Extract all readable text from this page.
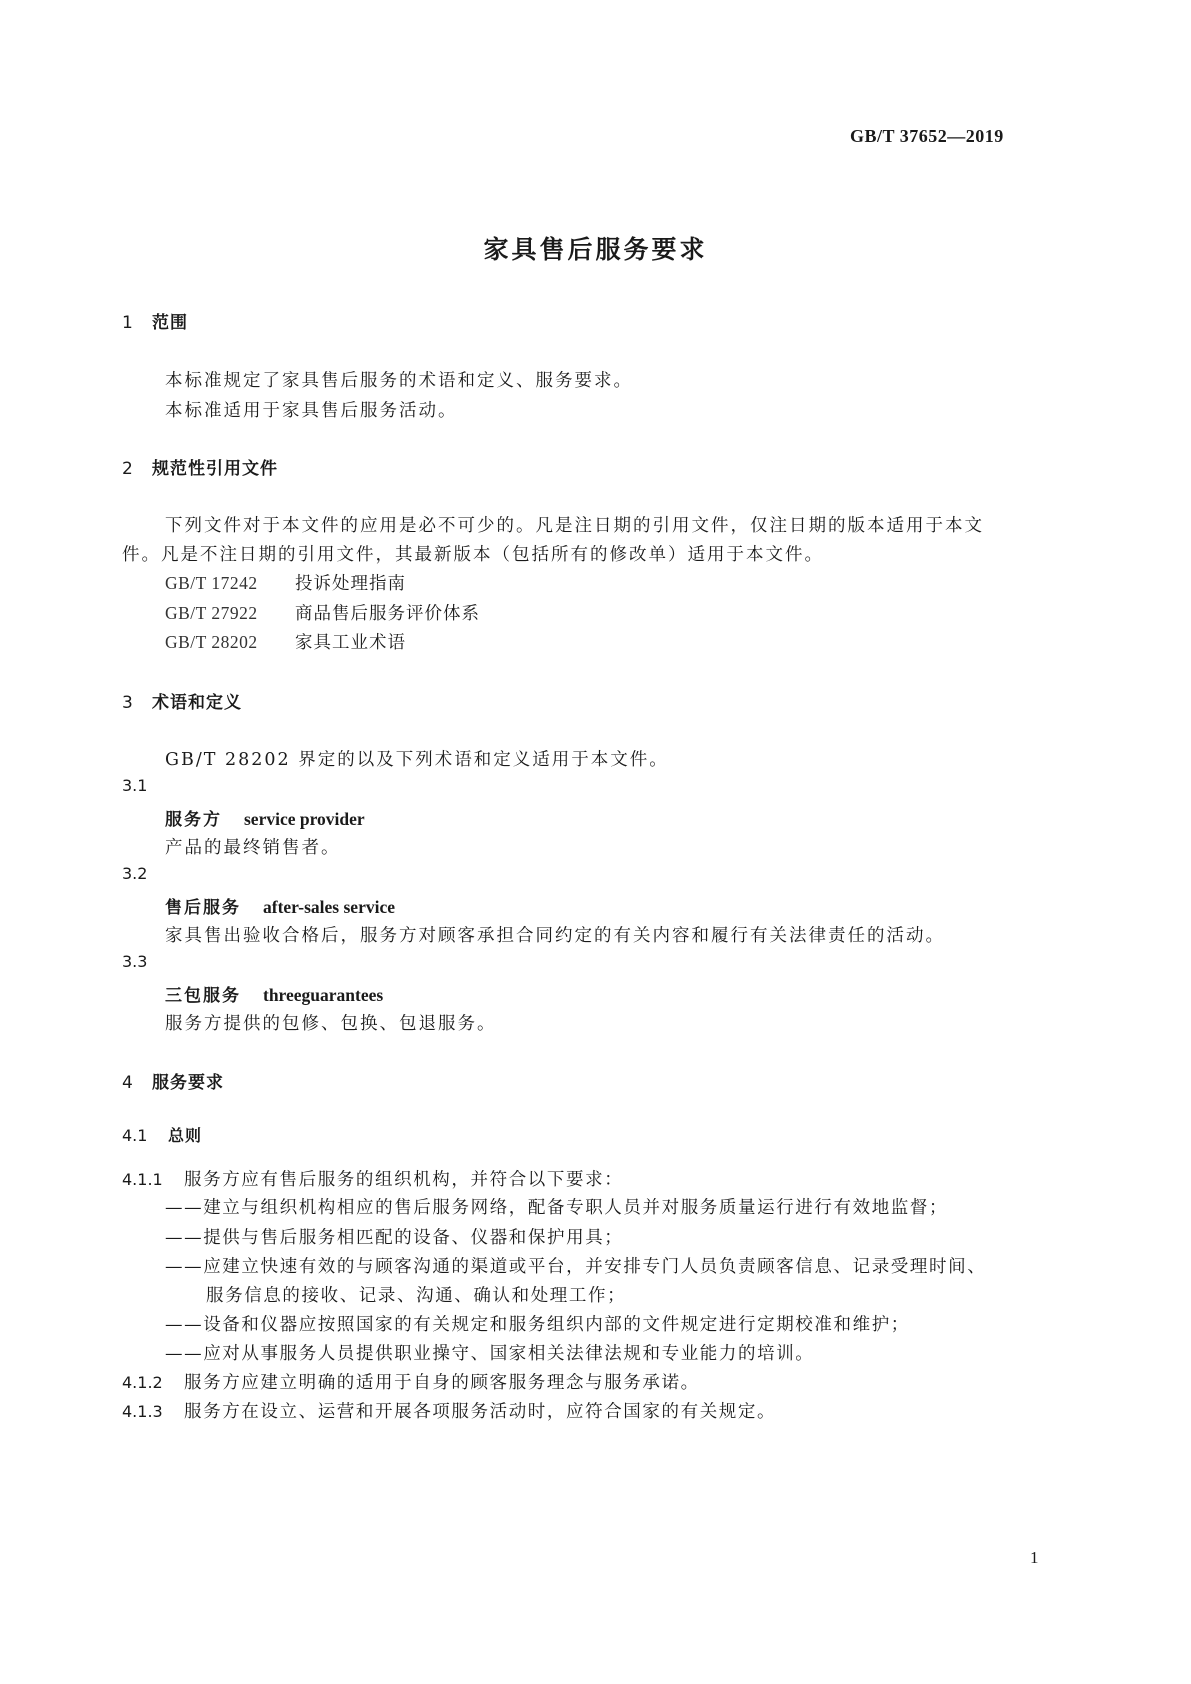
GB/T 37652—2019
家具售后服务要求
1 范围
本标准规定了家具售后服务的术语和定义、服务要求。
本标准适用于家具售后服务活动。
2 规范性引用文件
下列文件对于本文件的应用是必不可少的。凡是注日期的引用文件，仅注日期的版本适用于本文
件。凡是不注日期的引用文件，其最新版本（包括所有的修改单）适用于本文件。
GB/T 17242 投诉处理指南
GB/T 27922 商品售后服务评价体系
GB/T 28202 家具工业术语
3 术语和定义
GB/T 28202 界定的以及下列术语和定义适用于本文件。
3.1
服务方 service provider
产品的最终销售者。
3.2
售后服务 after-sales service
家具售出验收合格后，服务方对顾客承担合同约定的有关内容和履行有关法律责任的活动。
3.3
三包服务 threeguarantees
服务方提供的包修、包换、包退服务。
4 服务要求
4.1 总则
4.1.1 服务方应有售后服务的组织机构，并符合以下要求：
——建立与组织机构相应的售后服务网络，配备专职人员并对服务质量运行进行有效地监督；
——提供与售后服务相匹配的设备、仪器和保护用具；
——应建立快速有效的与顾客沟通的渠道或平台，并安排专门人员负责顾客信息、记录受理时间、
服务信息的接收、记录、沟通、确认和处理工作；
——设备和仪器应按照国家的有关规定和服务组织内部的文件规定进行定期校准和维护；
——应对从事服务人员提供职业操守、国家相关法律法规和专业能力的培训。
4.1.2 服务方应建立明确的适用于自身的顾客服务理念与服务承诺。
4.1.3 服务方在设立、运营和开展各项服务活动时，应符合国家的有关规定。
1
